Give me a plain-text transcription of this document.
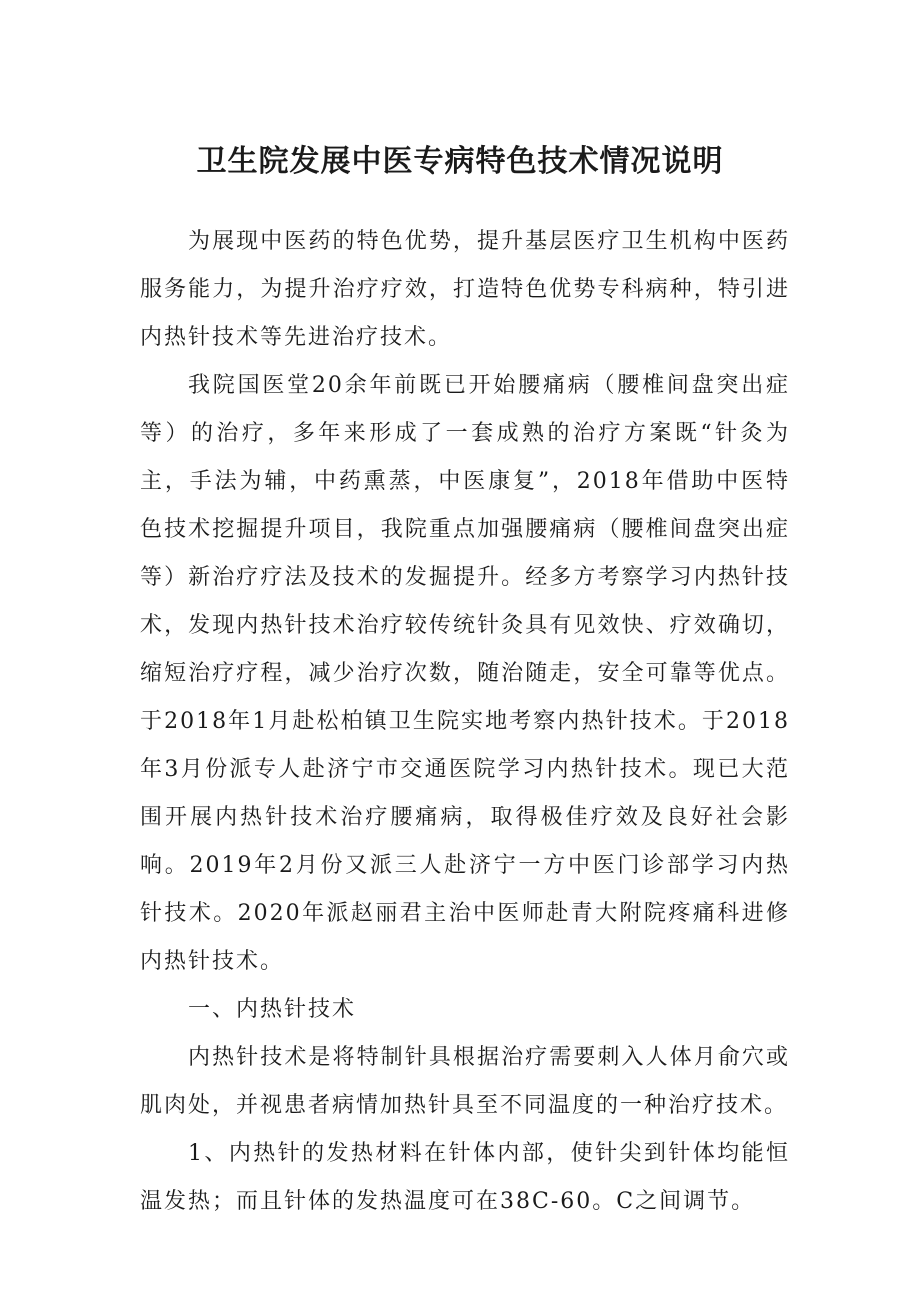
卫生院发展中医专病特色技术情况说明

为展现中医药的特色优势，提升基层医疗卫生机构中医药服务能力，为提升治疗疗效，打造特色优势专科病种，特引进内热针技术等先进治疗技术。

我院国医堂20余年前既已开始腰痛病（腰椎间盘突出症等）的治疗，多年来形成了一套成熟的治疗方案既“针灸为主，手法为辅，中药熏蒸，中医康复”，2018年借助中医特色技术挖掘提升项目，我院重点加强腰痛病（腰椎间盘突出症等）新治疗疗法及技术的发掘提升。经多方考察学习内热针技术，发现内热针技术治疗较传统针灸具有见效快、疗效确切，缩短治疗疗程，减少治疗次数，随治随走，安全可靠等优点。于2018年1月赴松柏镇卫生院实地考察内热针技术。于2018年3月份派专人赴济宁市交通医院学习内热针技术。现已大范围开展内热针技术治疗腰痛病，取得极佳疗效及良好社会影响。2019年2月份又派三人赴济宁一方中医门诊部学习内热针技术。2020年派赵丽君主治中医师赴青大附院疼痛科进修内热针技术。

一、内热针技术

内热针技术是将特制针具根据治疗需要刺入人体月俞穴或肌肉处，并视患者病情加热针具至不同温度的一种治疗技术。

1、内热针的发热材料在针体内部，使针尖到针体均能恒温发热；而且针体的发热温度可在38C-60。C之间调节。
